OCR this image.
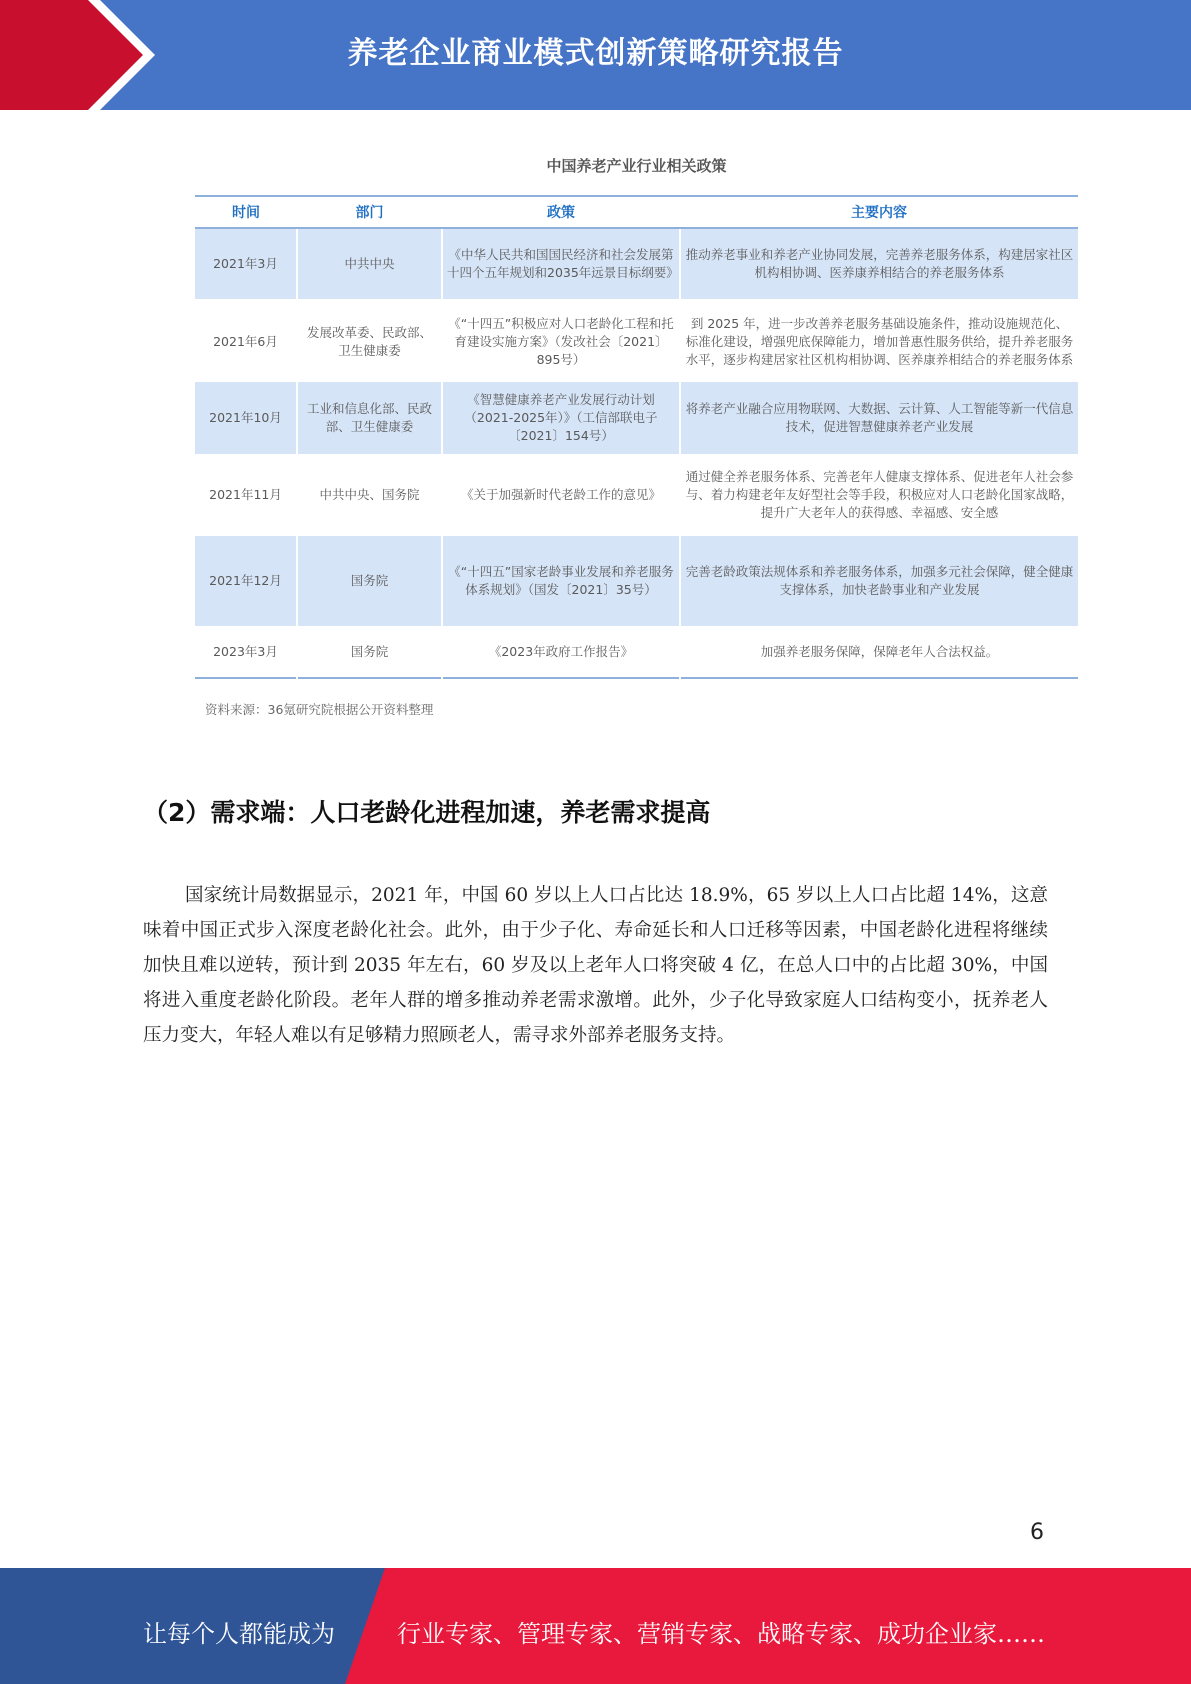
养老企业商业模式创新策略研究报告
中国养老产业行业相关政策
时间	部门	政策	主要内容
2021年3月	中共中央	《中华人民共和国国民经济和社会发展第十四个五年规划和2035年远景目标纲要》	推动养老事业和养老产业协同发展，完善养老服务体系，构建居家社区机构相协调、医养康养相结合的养老服务体系
2021年6月	发展改革委、民政部、卫生健康委	《“十四五”积极应对人口老龄化工程和托育建设实施方案》（发改社会〔2021〕895号）	到 2025 年，进一步改善养老服务基础设施条件，推动设施规范化、标准化建设，增强兜底保障能力，增加普惠性服务供给，提升养老服务水平，逐步构建居家社区机构相协调、医养康养相结合的养老服务体系
2021年10月	工业和信息化部、民政部、卫生健康委	《智慧健康养老产业发展行动计划（2021-2025年）》（工信部联电子〔2021〕154号）	将养老产业融合应用物联网、大数据、云计算、人工智能等新一代信息技术，促进智慧健康养老产业发展
2021年11月	中共中央、国务院	《关于加强新时代老龄工作的意见》	通过健全养老服务体系、完善老年人健康支撑体系、促进老年人社会参与、着力构建老年友好型社会等手段，积极应对人口老龄化国家战略，提升广大老年人的获得感、幸福感、安全感
2021年12月	国务院	《“十四五”国家老龄事业发展和养老服务体系规划》（国发〔2021〕35号）	完善老龄政策法规体系和养老服务体系，加强多元社会保障，健全健康支撑体系，加快老龄事业和产业发展
2023年3月	国务院	《2023年政府工作报告》	加强养老服务保障，保障老年人合法权益。
资料来源：36氪研究院根据公开资料整理
（2）需求端：人口老龄化进程加速，养老需求提高

国家统计局数据显示，2021 年，中国 60 岁以上人口占比达 18.9%，65 岁以上人口占比超 14%，这意味着中国正式步入深度老龄化社会。此外，由于少子化、寿命延长和人口迁移等因素，中国老龄化进程将继续加快且难以逆转，预计到 2035 年左右，60 岁及以上老年人口将突破 4 亿，在总人口中的占比超 30%，中国将进入重度老龄化阶段。老年人群的增多推动养老需求激增。此外，少子化导致家庭人口结构变小，抚养老人压力变大，年轻人难以有足够精力照顾老人，需寻求外部养老服务支持。

6
让每个人都能成为	行业专家、管理专家、营销专家、战略专家、成功企业家……
